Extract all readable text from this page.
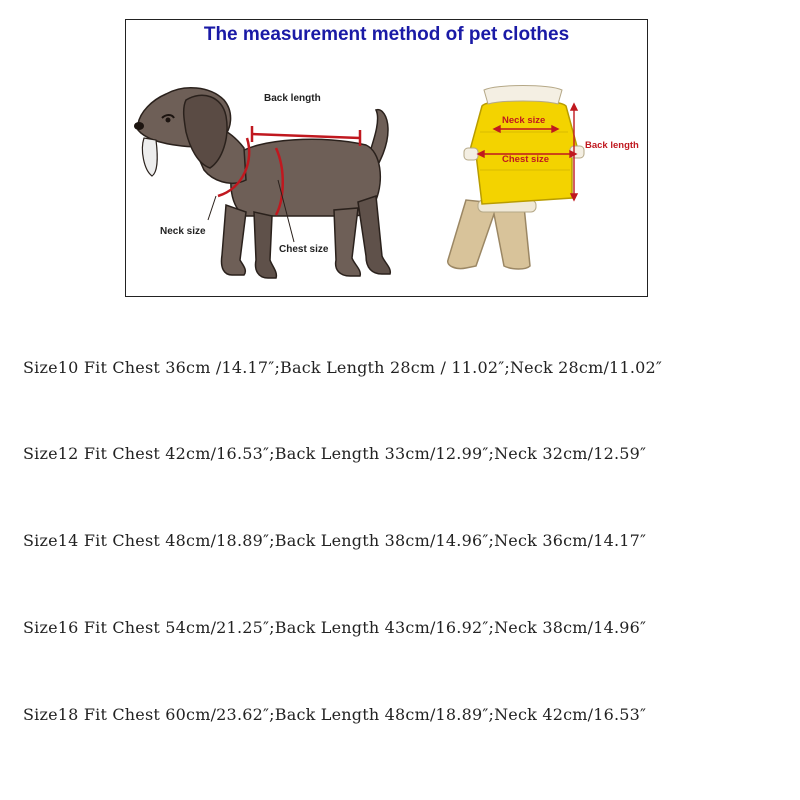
The measurement method of pet clothes
Back length
Neck size
Chest size
Neck size
Chest size
Back length
Size10 Fit Chest 36cm /14.17″;Back Length 28cm / 11.02″;Neck 28cm/11.02″
Size12 Fit Chest 42cm/16.53″;Back Length 33cm/12.99″;Neck 32cm/12.59″
Size14 Fit Chest 48cm/18.89″;Back Length 38cm/14.96″;Neck 36cm/14.17″
Size16 Fit Chest 54cm/21.25″;Back Length 43cm/16.92″;Neck 38cm/14.96″
Size18 Fit Chest 60cm/23.62″;Back Length 48cm/18.89″;Neck 42cm/16.53″
